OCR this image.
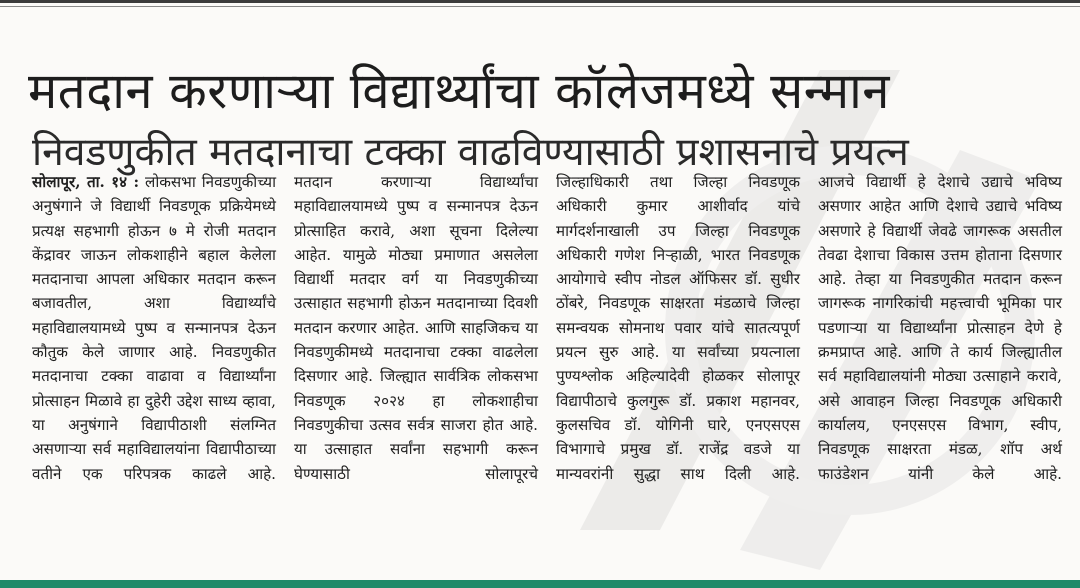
मतदान करणाऱ्या विद्यार्थ्यांचा कॉलेजमध्ये सन्मान
निवडणुकीत मतदानाचा टक्का वाढविण्यासाठी प्रशासनाचे प्रयत्न

सोलापूर, ता. १४ : लोकसभा निवडणुकीच्या अनुषंगाने जे विद्यार्थी निवडणूक प्रक्रियेमध्ये प्रत्यक्ष सहभागी होऊन ७ मे रोजी मतदान केंद्रावर जाऊन लोकशाहीने बहाल केलेला मतदानाचा आपला अधिकार मतदान करून बजावतील, अशा विद्यार्थ्यांचे महाविद्यालयामध्ये पुष्प व सन्मानपत्र देऊन कौतुक केले जाणार आहे. निवडणुकीत मतदानाचा टक्का वाढावा व विद्यार्थ्यांना प्रोत्साहन मिळावे हा दुहेरी उद्देश साध्य व्हावा, या अनुषंगाने विद्यापीठाशी संलग्नित असणाऱ्या सर्व महाविद्यालयांना विद्यापीठाच्या वतीने एक परिपत्रक काढले आहे.

मतदान करणाऱ्या विद्यार्थ्यांचा महाविद्यालयामध्ये पुष्प व सन्मानपत्र देऊन प्रोत्साहित करावे, अशा सूचना दिलेल्या आहेत. यामुळे मोठ्या प्रमाणात असलेला विद्यार्थी मतदार वर्ग या निवडणुकीच्या उत्साहात सहभागी होऊन मतदानाच्या दिवशी मतदान करणार आहेत. आणि साहजिकच या निवडणुकीमध्ये मतदानाचा टक्का वाढलेला दिसणार आहे. जिल्ह्यात सार्वत्रिक लोकसभा निवडणूक २०२४ हा लोकशाहीचा निवडणुकीचा उत्सव सर्वत्र साजरा होत आहे. या उत्साहात सर्वांना सहभागी करून घेण्यासाठी सोलापूरचे

जिल्हाधिकारी तथा जिल्हा निवडणूक अधिकारी कुमार आशीर्वाद यांचे मार्गदर्शनाखाली उप जिल्हा निवडणूक अधिकारी गणेश निऱ्हाळी, भारत निवडणूक आयोगाचे स्वीप नोडल ऑफिसर डॉ. सुधीर ठोंबरे, निवडणूक साक्षरता मंडळाचे जिल्हा समन्वयक सोमनाथ पवार यांचे सातत्यपूर्ण प्रयत्न सुरु आहे. या सर्वांच्या प्रयत्नाला पुण्यश्लोक अहिल्यादेवी होळकर सोलापूर विद्यापीठाचे कुलगुरू डॉ. प्रकाश महानवर, कुलसचिव डॉ. योगिनी घारे, एनएसएस विभागाचे प्रमुख डॉ. राजेंद्र वडजे या मान्यवरांनी सुद्धा साथ दिली आहे.

आजचे विद्यार्थी हे देशाचे उद्याचे भविष्य असणार आहेत आणि देशाचे उद्याचे भविष्य असणारे हे विद्यार्थी जेवढे जागरूक असतील तेवढा देशाचा विकास उत्तम होताना दिसणार आहे. तेव्हा या निवडणुकीत मतदान करून जागरूक नागरिकांची महत्त्वाची भूमिका पार पडणाऱ्या या विद्यार्थ्यांना प्रोत्साहन देणे हे क्रमप्राप्त आहे. आणि ते कार्य जिल्ह्यातील सर्व महाविद्यालयांनी मोठ्या उत्साहाने करावे, असे आवाहन जिल्हा निवडणूक अधिकारी कार्यालय, एनएसएस विभाग, स्वीप, निवडणूक साक्षरता मंडळ, शॉप अर्थ फाउंडेशन यांनी केले आहे.
